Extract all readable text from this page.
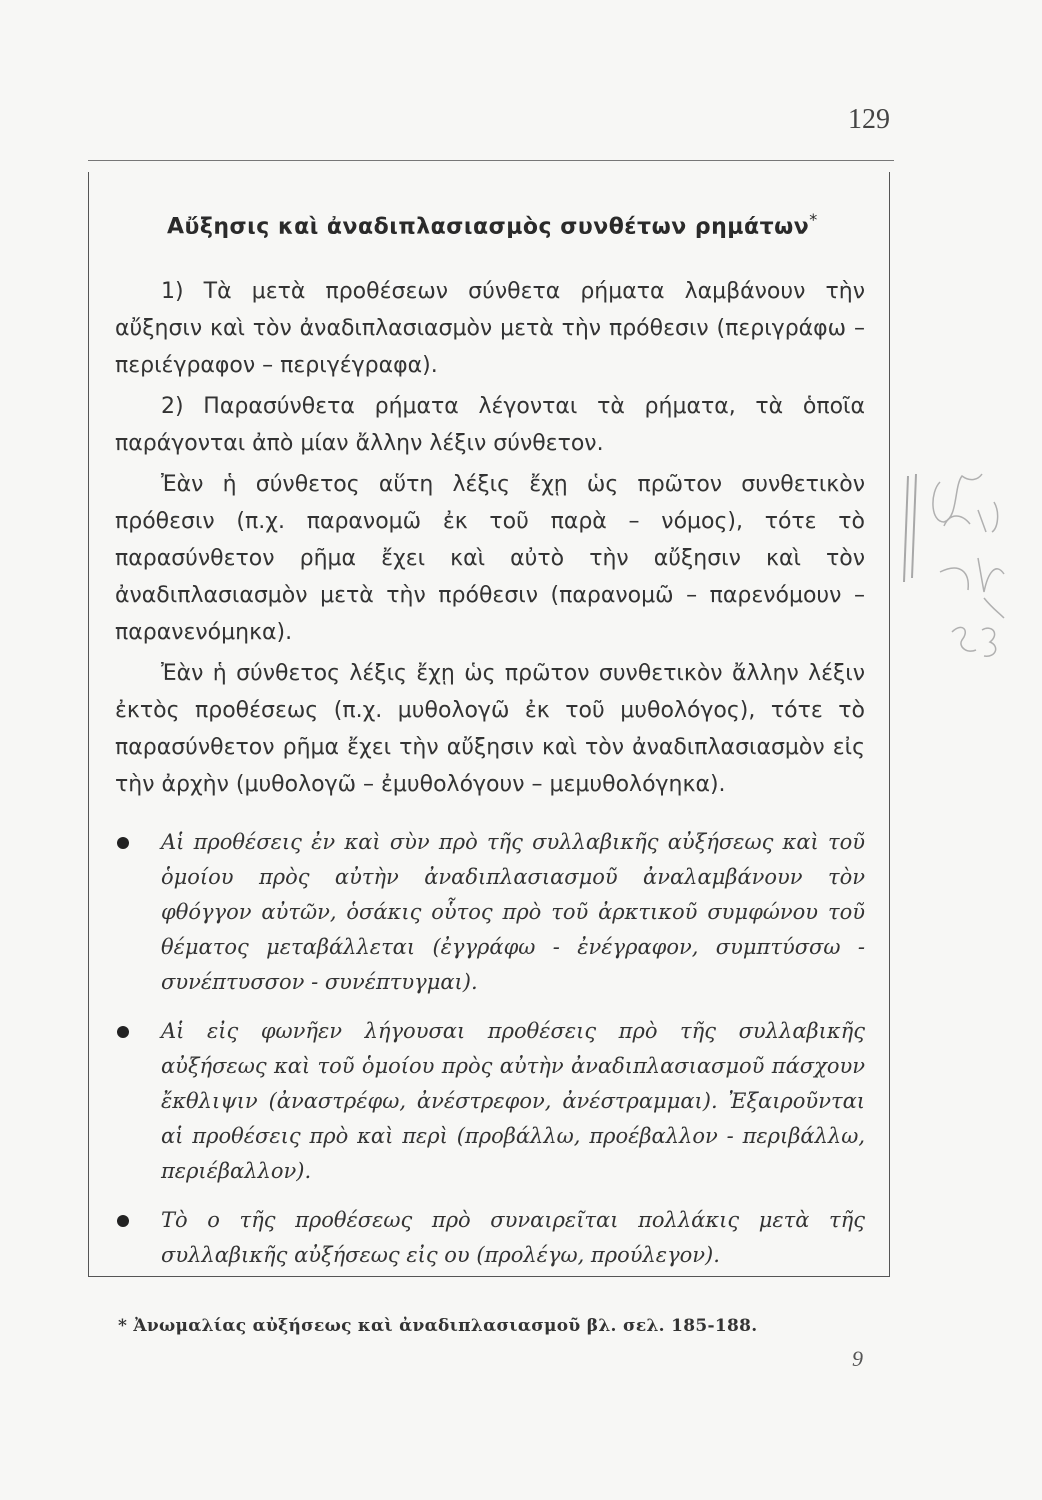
129
Αὔξησις καὶ ἀναδιπλασιασμὸς συνθέτων ρημάτων*

1) Τὰ μετὰ προθέσεων σύνθετα ρήματα λαμβάνουν τὴν αὔξησιν καὶ τὸν ἀναδιπλασιασμὸν μετὰ τὴν πρόθεσιν (περιγράφω – περιέγραφον – περιγέγραφα).

2) Παρασύνθετα ρήματα λέγονται τὰ ρήματα, τὰ ὁποῖα παράγονται ἀπὸ μίαν ἄλλην λέξιν σύνθετον.

Ἐὰν ἡ σύνθετος αὕτη λέξις ἔχῃ ὡς πρῶτον συνθετικὸν πρόθεσιν (π.χ. παρανομῶ ἐκ τοῦ παρὰ – νόμος), τότε τὸ παρασύνθετον ρῆμα ἔχει καὶ αὐτὸ τὴν αὔξησιν καὶ τὸν ἀναδιπλασιασμὸν μετὰ τὴν πρόθεσιν (παρανομῶ – παρενόμουν – παρανενόμηκα).

Ἐὰν ἡ σύνθετος λέξις ἔχῃ ὡς πρῶτον συνθετικὸν ἄλλην λέξιν ἐκτὸς προθέσεως (π.χ. μυθολογῶ ἐκ τοῦ μυθολόγος), τότε τὸ παρασύνθετον ρῆμα ἔχει τὴν αὔξησιν καὶ τὸν ἀναδιπλασιασμὸν εἰς τὴν ἀρχὴν (μυθολογῶ – ἐμυθολόγουν – μεμυθολόγηκα).

Αἱ προθέσεις ἐν καὶ σὺν πρὸ τῆς συλλαβικῆς αὐξήσεως καὶ τοῦ ὁμοίου πρὸς αὐτὴν ἀναδιπλασιασμοῦ ἀναλαμβάνουν τὸν φθόγγον αὐτῶν, ὁσάκις οὗτος πρὸ τοῦ ἀρκτικοῦ συμφώνου τοῦ θέματος μεταβάλλεται (ἐγγράφω - ἐνέγραφον, συμπτύσσω - συνέπτυσσον - συνέπτυγμαι).
Αἱ εἰς φωνῆεν λήγουσαι προθέσεις πρὸ τῆς συλλαβικῆς αὐξήσεως καὶ τοῦ ὁμοίου πρὸς αὐτὴν ἀναδιπλασιασμοῦ πάσχουν ἔκθλιψιν (ἀναστρέφω, ἀνέστρεφον, ἀνέστραμμαι). Ἐξαιροῦνται αἱ προθέσεις πρὸ καὶ περὶ (προβάλλω, προέβαλλον - περιβάλλω, περιέβαλλον).
Τὸ ο τῆς προθέσεως πρὸ συναιρεῖται πολλάκις μετὰ τῆς συλλαβικῆς αὐξήσεως εἰς ου (προλέγω, προύλεγον).
* Ἀνωμαλίας αὐξήσεως καὶ ἀναδιπλασιασμοῦ βλ. σελ. 185-188.
9
